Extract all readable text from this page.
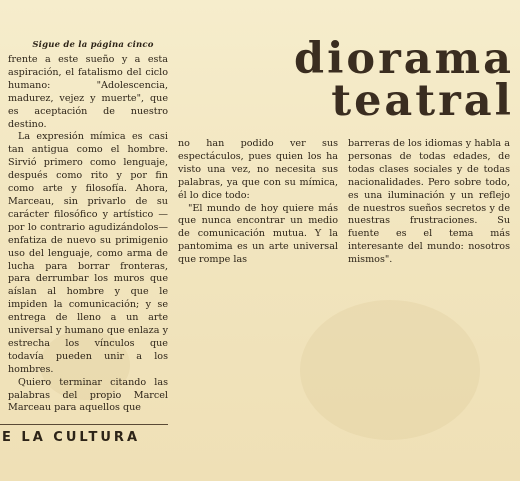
Sigue de la página cinco	diorama
teatral

frente a este sueño y a esta aspiración, el fatalismo del ciclo humano: "Adolescencia, madurez, vejez y muerte", que es aceptación de nuestro destino.

La expresión mímica es casi tan antigua como el hombre. Sirvió primero como lenguaje, después como rito y por fin como arte y filosofía. Ahora, Marceau, sin privarlo de su carácter filosófico y artístico —por lo contrario agudizándolos— enfatiza de nuevo su primigenio uso del lenguaje, como arma de lucha para borrar fronteras, para derrumbar los muros que aíslan al hombre y que le impiden la comunicación; y se entrega de lleno a un arte universal y humano que enlaza y estrecha los vínculos que todavía pueden unir a los hombres.

Quiero terminar citando las palabras del propio Marcel Marceau para aquellos que

no han podido ver sus espectáculos, pues quien los ha visto una vez, no necesita sus palabras, ya que con su mímica, él lo dice todo:

"El mundo de hoy quiere más que nunca encontrar un medio de comunicación mutua. Y la pantomima es un arte universal que rompe las

barreras de los idiomas y habla a personas de todas edades, de todas clases sociales y de todas nacionalidades. Pero sobre todo, es una iluminación y un reflejo de nuestros sueños secretos y de nuestras frustraciones. Su fuente es el tema más interesante del mundo: nosotros mismos".

E LA CULTURA
